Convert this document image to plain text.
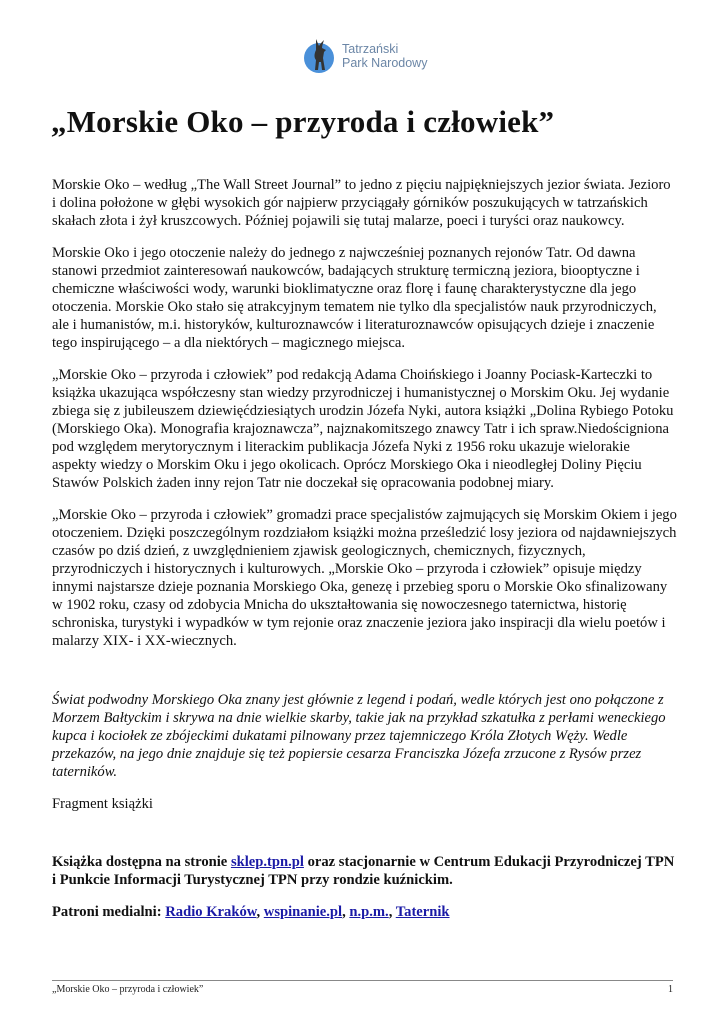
Tatrzański
Park Narodowy
„Morskie Oko – przyroda i człowiek”

Morskie Oko – według „The Wall Street Journal” to jedno z pięciu najpiękniejszych jezior świata. Jezioro i dolina położone w głębi wysokich gór najpierw przyciągały górników poszukujących w tatrzańskich skałach złota i żył kruszcowych. Później pojawili się tutaj malarze, poeci i turyści oraz naukowcy.

Morskie Oko i jego otoczenie należy do jednego z najwcześniej poznanych rejonów Tatr. Od dawna stanowi przedmiot zainteresowań naukowców, badających strukturę termiczną jeziora, biooptyczne i chemiczne właściwości wody, warunki bioklimatyczne oraz florę i faunę charakterystyczne dla jego otoczenia. Morskie Oko stało się atrakcyjnym tematem nie tylko dla specjalistów nauk przyrodniczych, ale i humanistów, m.i. historyków, kulturoznawców i literaturoznawców opisujących dzieje i znaczenie tego inspirującego – a dla niektórych – magicznego miejsca.

„Morskie Oko – przyroda i człowiek” pod redakcją Adama Choińskiego i Joanny Pociask-Karteczki to książka ukazująca współczesny stan wiedzy przyrodniczej i humanistycznej o Morskim Oku. Jej wydanie zbiega się z jubileuszem dziewięćdziesiątych urodzin Józefa Nyki, autora książki „Dolina Rybiego Potoku (Morskiego Oka). Monografia krajoznawcza”, najznakomitszego znawcy Tatr i ich spraw.Niedościgniona pod względem merytorycznym i literackim publikacja Józefa Nyki z 1956 roku ukazuje wielorakie aspekty wiedzy o Morskim Oku i jego okolicach. Oprócz Morskiego Oka i nieodległej Doliny Pięciu Stawów Polskich żaden inny rejon Tatr nie doczekał się opracowania podobnej miary.

„Morskie Oko – przyroda i człowiek” gromadzi prace specjalistów zajmujących się Morskim Okiem i jego otoczeniem. Dzięki poszczególnym rozdziałom książki można prześledzić losy jeziora od najdawniejszych czasów po dziś dzień, z uwzględnieniem zjawisk geologicznych, chemicznych, fizycznych, przyrodniczych i historycznych i kulturowych. „Morskie Oko – przyroda i człowiek” opisuje między innymi najstarsze dzieje poznania Morskiego Oka, genezę i przebieg sporu o Morskie Oko sfinalizowany w 1902 roku, czasy od zdobycia Mnicha do ukształtowania się nowoczesnego taternictwa, historię schroniska, turystyki i wypadków w tym rejonie oraz znaczenie jeziora jako inspiracji dla wielu poetów i malarzy XIX- i XX-wiecznych.

Świat podwodny Morskiego Oka znany jest głównie z legend i podań, wedle których jest ono połączone z Morzem Bałtyckim i skrywa na dnie wielkie skarby, takie jak na przykład szkatułka z perłami weneckiego kupca i kociołek ze zbójeckimi dukatami pilnowany przez tajemniczego Króla Złotych Węży. Wedle przekazów, na jego dnie znajduje się też popiersie cesarza Franciszka Józefa zrzucone z Rysów przez taterników.

Fragment książki

Książka dostępna na stronie sklep.tpn.pl oraz stacjonarnie w Centrum Edukacji Przyrodniczej TPN i Punkcie Informacji Turystycznej TPN przy rondzie kuźnickim.

Patroni medialni: Radio Kraków, wspinanie.pl, n.p.m., Taternik

„Morskie Oko – przyroda i człowiek”	1
